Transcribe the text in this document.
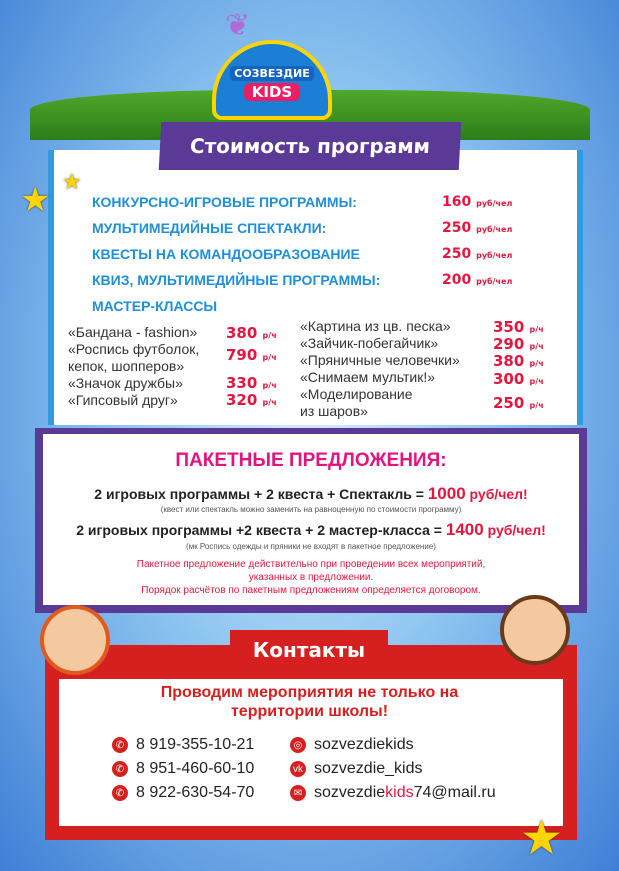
★ ★
❦
СОЗВЕЗДИЕ
KIDS
Стоимость программ
КОНКУРСНО-ИГРОВЫЕ ПРОГРАММЫ:
МУЛЬТИМЕДИЙНЫЕ СПЕКТАКЛИ:
КВЕСТЫ НА КОМАНДООБРАЗОВАНИЕ
КВИЗ, МУЛЬТИМЕДИЙНЫЕ ПРОГРАММЫ:
160 руб/чел
250 руб/чел
250 руб/чел
200 руб/чел
МАСТЕР-КЛАССЫ
«Бандана - fashion»
«Роспись футболок, кепок, шопперов»
«Значок дружбы»
«Гипсовый друг»
380 р/ч
790 р/ч
330 р/ч
320 р/ч
«Картина из цв. песка»
«Зайчик-побегайчик»
«Пряничные человечки»
«Снимаем мультик!»
«Моделирование из шаров»
350 р/ч
290 р/ч
380 р/ч
300 р/ч
250 р/ч
ПАКЕТНЫЕ ПРЕДЛОЖЕНИЯ:
2 игровых программы + 2 квеста + Спектакль = 1000 руб/чел!
(квест или спектакль можно заменить на равноценную по стоимости программу)
2 игровых программы +2 квеста + 2 мастер-класса = 1400 руб/чел!
(мк Роспись одежды и пряники не входят в пакетное предложение)
Пакетное предложение действительно при проведении всех мероприятий,
указанных в предложении.
Порядок расчётов по пакетным предложениям определяется договором.
Контакты
★
Проводим мероприятия не только на
территории школы!
✆ 8 919-355-10-21
✆ 8 951-460-60-10
✆ 8 922-630-54-70
◎ sozvezdiekids
vk sozvezdie_kids
✉ sozvezdiekids74@mail.ru
